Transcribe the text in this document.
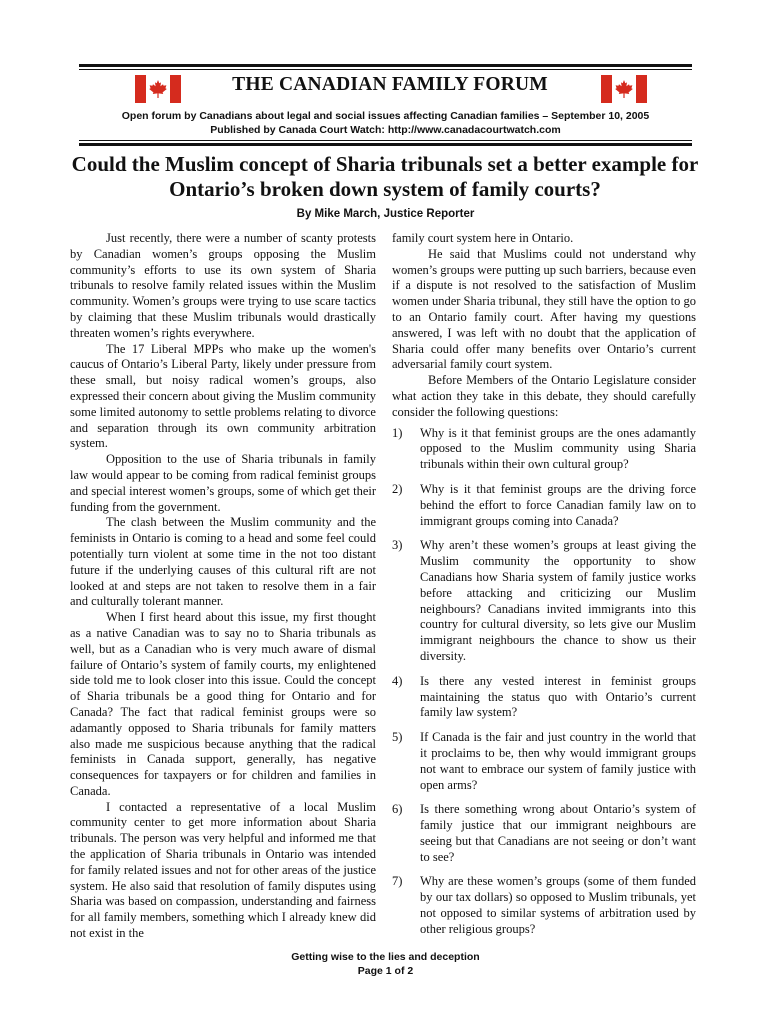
THE CANADIAN FAMILY FORUM
Open forum by Canadians about legal and social issues affecting Canadian families – September 10, 2005
Published by Canada Court Watch: http://www.canadacourtwatch.com
Could the Muslim concept of Sharia tribunals set a better example for
Ontario’s broken down system of family courts?
By Mike March, Justice Reporter

Just recently, there were a number of scanty protests by Canadian women’s groups opposing the Muslim community’s efforts to use its own system of Sharia tribunals to resolve family related issues within the Muslim community. Women’s groups were trying to use scare tactics by claiming that these Muslim tribunals would drastically threaten women’s rights everywhere.

The 17 Liberal MPPs who make up the women's caucus of Ontario’s Liberal Party, likely under pressure from these small, but noisy radical women’s groups, also expressed their concern about giving the Muslim community some limited autonomy to settle problems relating to divorce and separation through its own community arbitration system.

Opposition to the use of Sharia tribunals in family law would appear to be coming from radical feminist groups and special interest women’s groups, some of which get their funding from the government.

The clash between the Muslim community and the feminists in Ontario is coming to a head and some feel could potentially turn violent at some time in the not too distant future if the underlying causes of this cultural rift are not looked at and steps are not taken to resolve them in a fair and culturally tolerant manner.

When I first heard about this issue, my first thought as a native Canadian was to say no to Sharia tribunals as well, but as a Canadian who is very much aware of dismal failure of Ontario’s system of family courts, my enlightened side told me to look closer into this issue. Could the concept of Sharia tribunals be a good thing for Ontario and for Canada? The fact that radical feminist groups were so adamantly opposed to Sharia tribunals for family matters also made me suspicious because anything that the radical feminists in Canada support, generally, has negative consequences for taxpayers or for children and families in Canada.

I contacted a representative of a local Muslim community center to get more information about Sharia tribunals. The person was very helpful and informed me that the application of Sharia tribunals in Ontario was intended for family related issues and not for other areas of the justice system. He also said that resolution of family disputes using Sharia was based on compassion, understanding and fairness for all family members, something which I already knew did not exist in the

family court system here in Ontario.

He said that Muslims could not understand why women’s groups were putting up such barriers, because even if a dispute is not resolved to the satisfaction of Muslim women under Sharia tribunal, they still have the option to go to an Ontario family court. After having my questions answered, I was left with no doubt that the application of Sharia could offer many benefits over Ontario’s current adversarial family court system.

Before Members of the Ontario Legislature consider what action they take in this debate, they should carefully consider the following questions:

1) Why is it that feminist groups are the ones adamantly opposed to the Muslim community using Sharia tribunals within their own cultural group?
2) Why is it that feminist groups are the driving force behind the effort to force Canadian family law on to immigrant groups coming into Canada?
3) Why aren’t these women’s groups at least giving the Muslim community the opportunity to show Canadians how Sharia system of family justice works before attacking and criticizing our Muslim neighbours? Canadians invited immigrants into this country for cultural diversity, so lets give our Muslim immigrant neighbours the chance to show us their diversity.
4) Is there any vested interest in feminist groups maintaining the status quo with Ontario’s current family law system?
5) If Canada is the fair and just country in the world that it proclaims to be, then why would immigrant groups not want to embrace our system of family justice with open arms?
6) Is there something wrong about Ontario’s system of family justice that our immigrant neighbours are seeing but that Canadians are not seeing or don’t want to see?
7) Why are these women’s groups (some of them funded by our tax dollars) so opposed to Muslim tribunals, yet not opposed to similar systems of arbitration used by other religious groups?
Getting wise to the lies and deception
Page 1 of 2
